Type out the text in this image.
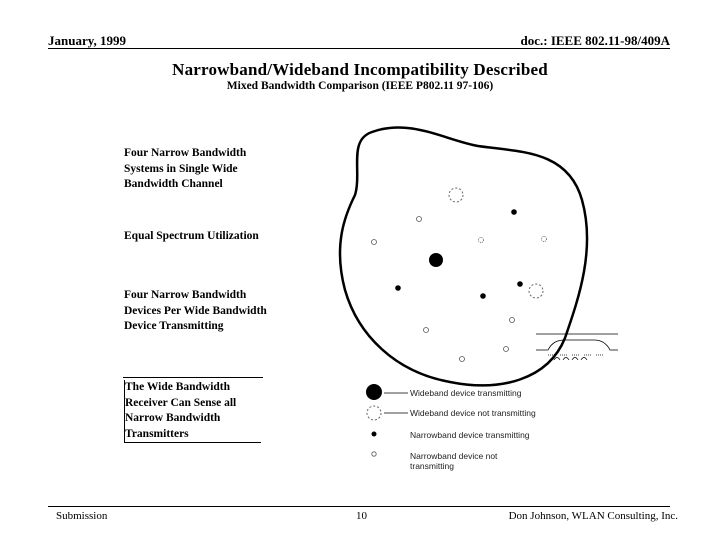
January, 1999	doc.: IEEE 802.11-98/409A
Narrowband/Wideband Incompatibility Described
Mixed Bandwidth Comparison (IEEE P802.11 97-106)
Four Narrow Bandwidth Systems in Single Wide Bandwidth Channel
Equal Spectrum Utilization
Four Narrow Bandwidth Devices Per Wide Bandwidth Device Transmitting
The Wide Bandwidth Receiver Can Sense all Narrow Bandwidth Transmitters
Wideband device transmitting
Wideband device not transmitting
Narrowband device transmitting
Narrowband device not transmitting
Submission	10	Don Johnson, WLAN Consulting, Inc.
